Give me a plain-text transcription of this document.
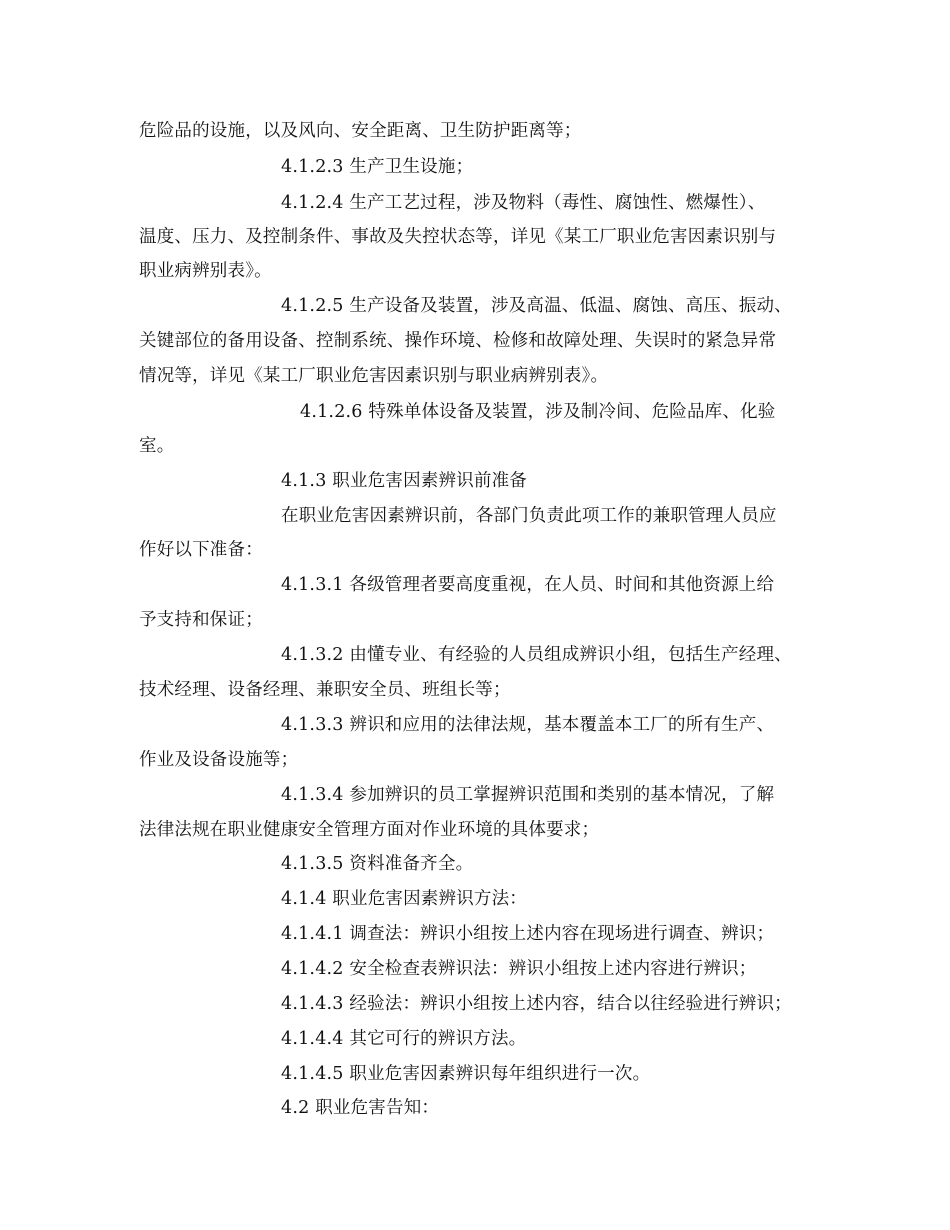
危险品的设施，以及风向、安全距离、卫生防护距离等；
4.1.2.3 生产卫生设施；
4.1.2.4 生产工艺过程，涉及物料（毒性、腐蚀性、燃爆性）、
温度、压力、及控制条件、事故及失控状态等，详见《某工厂职业危害因素识别与
职业病辨别表》。
4.1.2.5 生产设备及装置，涉及高温、低温、腐蚀、高压、振动、
关键部位的备用设备、控制系统、操作环境、检修和故障处理、失误时的紧急异常
情况等，详见《某工厂职业危害因素识别与职业病辨别表》。
4.1.2.6 特殊单体设备及装置，涉及制冷间、危险品库、化验
室。
4.1.3 职业危害因素辨识前准备
在职业危害因素辨识前，各部门负责此项工作的兼职管理人员应
作好以下准备：
4.1.3.1 各级管理者要高度重视，在人员、时间和其他资源上给
予支持和保证；
4.1.3.2 由懂专业、有经验的人员组成辨识小组，包括生产经理、
技术经理、设备经理、兼职安全员、班组长等；
4.1.3.3 辨识和应用的法律法规，基本覆盖本工厂的所有生产、
作业及设备设施等；
4.1.3.4 参加辨识的员工掌握辨识范围和类别的基本情况，了解
法律法规在职业健康安全管理方面对作业环境的具体要求；
4.1.3.5 资料准备齐全。
4.1.4 职业危害因素辨识方法：
4.1.4.1 调查法：辨识小组按上述内容在现场进行调查、辨识；
4.1.4.2 安全检查表辨识法：辨识小组按上述内容进行辨识；
4.1.4.3 经验法：辨识小组按上述内容，结合以往经验进行辨识；
4.1.4.4 其它可行的辨识方法。
4.1.4.5 职业危害因素辨识每年组织进行一次。
4.2 职业危害告知：
